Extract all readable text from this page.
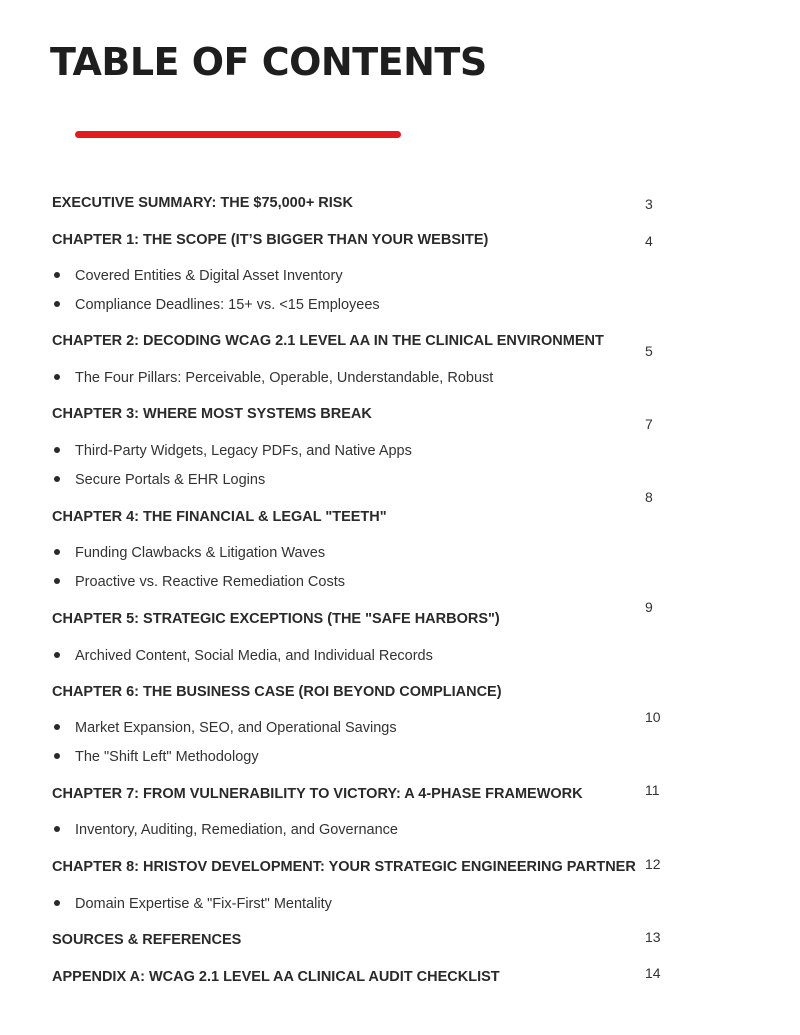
TABLE OF CONTENTS
EXECUTIVE SUMMARY: THE $75,000+ RISK	3
CHAPTER 1: THE SCOPE (IT’S BIGGER THAN YOUR WEBSITE)	4
Covered Entities & Digital Asset Inventory
Compliance Deadlines: 15+ vs. <15 Employees
CHAPTER 2: DECODING WCAG 2.1 LEVEL AA IN THE CLINICAL ENVIRONMENT
5
The Four Pillars: Perceivable, Operable, Understandable, Robust
CHAPTER 3: WHERE MOST SYSTEMS BREAK
7
Third-Party Widgets, Legacy PDFs, and Native Apps
Secure Portals & EHR Logins
8
CHAPTER 4: THE FINANCIAL & LEGAL "TEETH"
Funding Clawbacks & Litigation Waves
Proactive vs. Reactive Remediation Costs
9
CHAPTER 5: STRATEGIC EXCEPTIONS (THE "SAFE HARBORS")
Archived Content, Social Media, and Individual Records
CHAPTER 6: THE BUSINESS CASE (ROI BEYOND COMPLIANCE)
10
Market Expansion, SEO, and Operational Savings
The "Shift Left" Methodology
11
CHAPTER 7: FROM VULNERABILITY TO VICTORY: A 4-PHASE FRAMEWORK
Inventory, Auditing, Remediation, and Governance
12
CHAPTER 8: HRISTOV DEVELOPMENT: YOUR STRATEGIC ENGINEERING PARTNER
Domain Expertise & "Fix-First" Mentality
13
SOURCES & REFERENCES
14
APPENDIX A: WCAG 2.1 LEVEL AA CLINICAL AUDIT CHECKLIST
